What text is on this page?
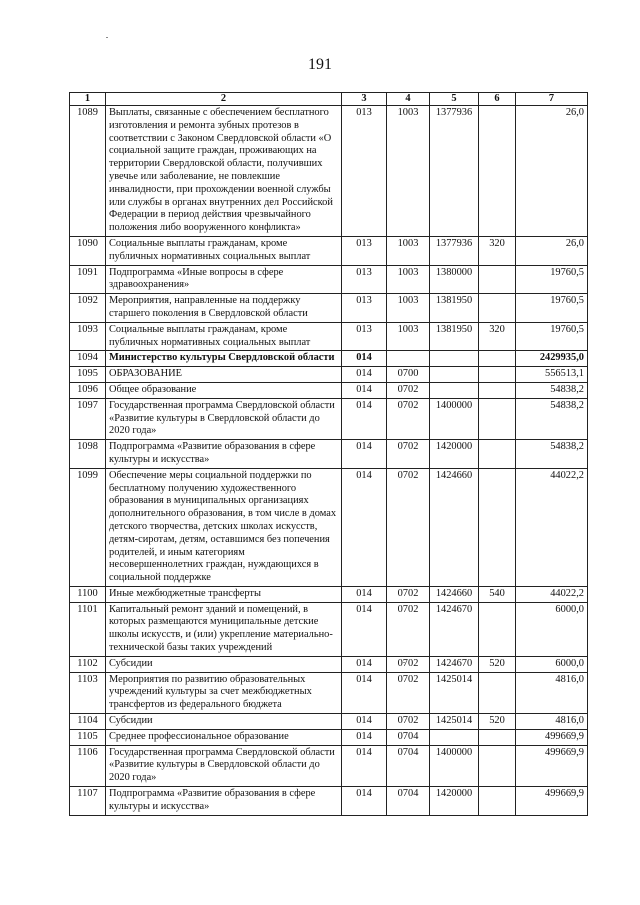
191
1	2	3	4	5	6	7
1089	Выплаты, связанные с обеспечением бесплатного изготовления и ремонта зубных протезов в соответствии с Законом Свердловской области «О социальной защите граждан, проживающих на территории Свердловской области, получивших увечье или заболевание, не повлекшие инвалидности, при прохождении военной службы или службы в органах внутренних дел Российской Федерации в период действия чрезвычайного положения либо вооруженного конфликта»	013	1003	1377936		26,0
1090	Социальные выплаты гражданам, кроме публичных нормативных социальных выплат	013	1003	1377936	320	26,0
1091	Подпрограмма «Иные вопросы в сфере здравоохранения»	013	1003	1380000		19760,5
1092	Мероприятия, направленные на поддержку старшего поколения в Свердловской области	013	1003	1381950		19760,5
1093	Социальные выплаты гражданам, кроме публичных нормативных социальных выплат	013	1003	1381950	320	19760,5
1094	Министерство культуры Свердловской области	014				2429935,0
1095	ОБРАЗОВАНИЕ	014	0700			556513,1
1096	Общее образование	014	0702			54838,2
1097	Государственная программа Свердловской области «Развитие культуры в Свердловской области до 2020 года»	014	0702	1400000		54838,2
1098	Подпрограмма «Развитие образования в сфере культуры и искусства»	014	0702	1420000		54838,2
1099	Обеспечение меры социальной поддержки по бесплатному получению художественного образования в муниципальных организациях дополнительного образования, в том числе в домах детского творчества, детских школах искусств, детям-сиротам, детям, оставшимся без попечения родителей, и иным категориям несовершеннолетних граждан, нуждающихся в социальной поддержке	014	0702	1424660		44022,2
1100	Иные межбюджетные трансферты	014	0702	1424660	540	44022,2
1101	Капитальный ремонт зданий и помещений, в которых размещаются муниципальные детские школы искусств, и (или) укрепление материально-технической базы таких учреждений	014	0702	1424670		6000,0
1102	Субсидии	014	0702	1424670	520	6000,0
1103	Мероприятия по развитию образовательных учреждений культуры за счет межбюджетных трансфертов из федерального бюджета	014	0702	1425014		4816,0
1104	Субсидии	014	0702	1425014	520	4816,0
1105	Среднее профессиональное образование	014	0704			499669,9
1106	Государственная программа Свердловской области «Развитие культуры в Свердловской области до 2020 года»	014	0704	1400000		499669,9
1107	Подпрограмма «Развитие образования в сфере культуры и искусства»	014	0704	1420000		499669,9
